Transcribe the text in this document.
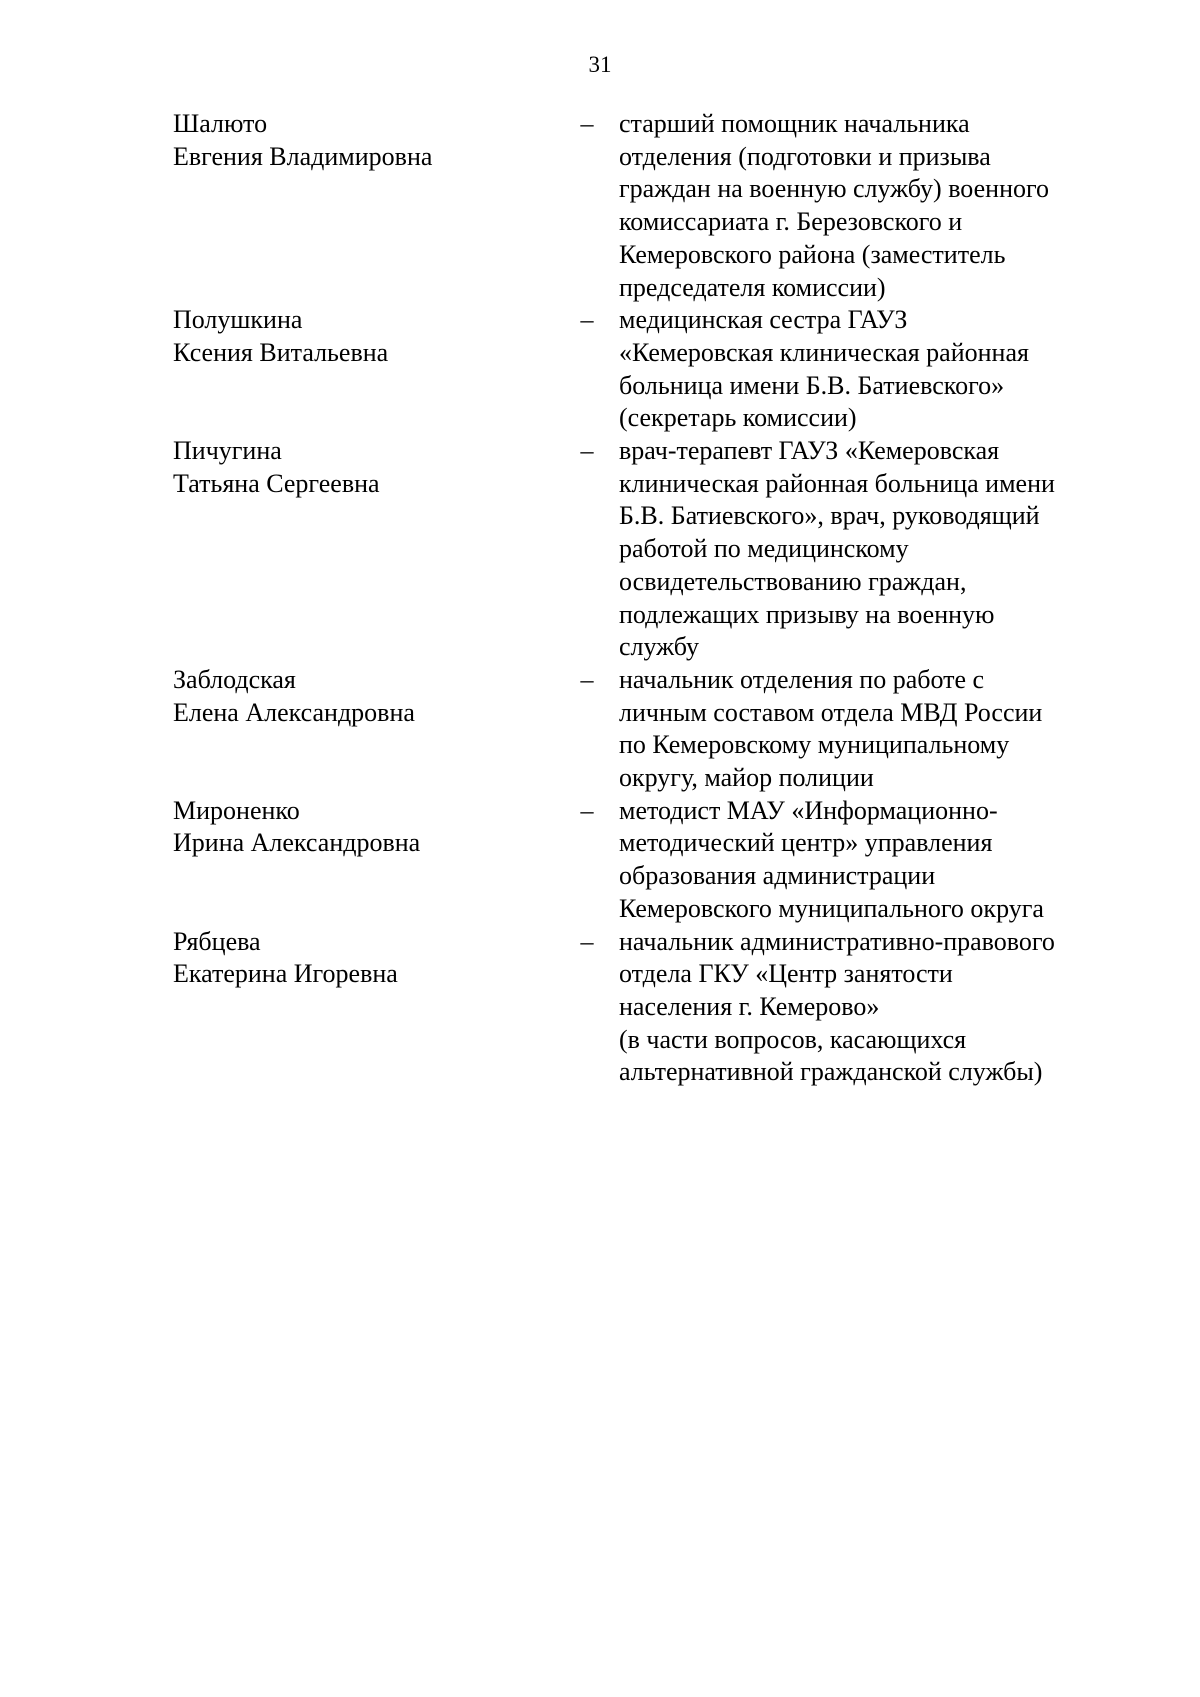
31
Шалюто
Евгения Владимировна
– старший помощник начальника
отделения (подготовки и призыва
граждан на военную службу) военного
комиссариата г. Березовского и
Кемеровского района (заместитель
председателя комиссии)
Полушкина
Ксения Витальевна
– медицинская сестра ГАУЗ
«Кемеровская клиническая районная
больница имени Б.В. Батиевского»
(секретарь комиссии)
Пичугина
Татьяна Сергеевна
– врач-терапевт ГАУЗ «Кемеровская
клиническая районная больница имени
Б.В. Батиевского», врач, руководящий
работой по медицинскому
освидетельствованию граждан,
подлежащих призыву на военную
службу
Заблодская
Елена Александровна
– начальник отделения по работе с
личным составом отдела МВД России
по Кемеровскому муниципальному
округу, майор полиции
Мироненко
Ирина Александровна
– методист МАУ «Информационно-
методический центр» управления
образования администрации
Кемеровского муниципального округа
Рябцева
Екатерина Игоревна
– начальник административно-правового
отдела ГКУ «Центр занятости
населения г. Кемерово»
(в части вопросов, касающихся
альтернативной гражданской службы)
